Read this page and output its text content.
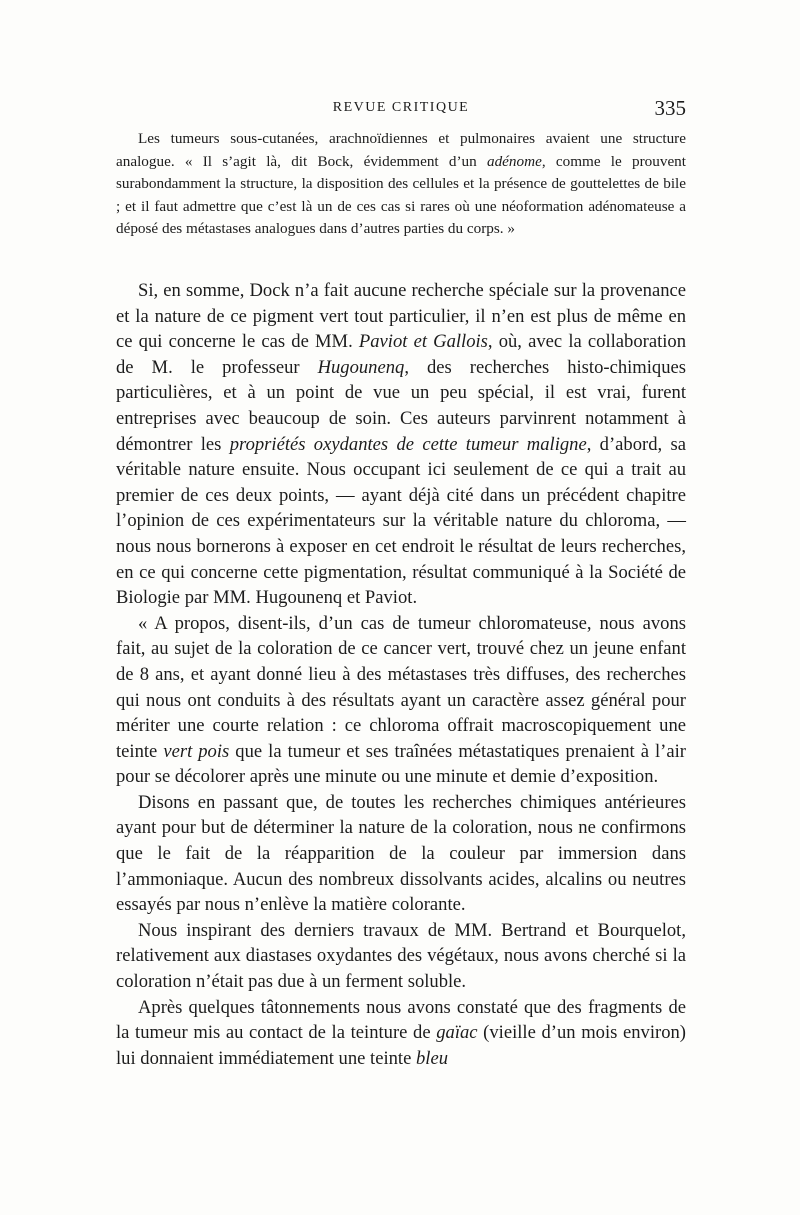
REVUE CRITIQUE	335

Les tumeurs sous-cutanées, arachnoïdiennes et pulmonaires avaient une structure analogue. « Il s’agit là, dit Bock, évidemment d’un adénome, comme le prouvent surabondamment la structure, la disposition des cellules et la présence de gouttelettes de bile ; et il faut admettre que c’est là un de ces cas si rares où une néoformation adénomateuse a déposé des métastases analogues dans d’autres parties du corps. »

Si, en somme, Dock n’a fait aucune recherche spéciale sur la provenance et la nature de ce pigment vert tout particulier, il n’en est plus de même en ce qui concerne le cas de MM. Paviot et Gallois, où, avec la collaboration de M. le professeur Hugounenq, des recherches histo-chimiques particulières, et à un point de vue un peu spécial, il est vrai, furent entreprises avec beaucoup de soin. Ces auteurs parvinrent notamment à démontrer les propriétés oxydantes de cette tumeur maligne, d’abord, sa véritable nature ensuite. Nous occupant ici seulement de ce qui a trait au premier de ces deux points, — ayant déjà cité dans un précédent chapitre l’opinion de ces expérimentateurs sur la véritable nature du chloroma, — nous nous bornerons à exposer en cet endroit le résultat de leurs recherches, en ce qui concerne cette pigmentation, résultat communiqué à la Société de Biologie par MM. Hugounenq et Paviot.

« A propos, disent-ils, d’un cas de tumeur chloromateuse, nous avons fait, au sujet de la coloration de ce cancer vert, trouvé chez un jeune enfant de 8 ans, et ayant donné lieu à des métastases très diffuses, des recherches qui nous ont conduits à des résultats ayant un caractère assez général pour mériter une courte relation : ce chloroma offrait macroscopiquement une teinte vert pois que la tumeur et ses traînées métastatiques prenaient à l’air pour se décolorer après une minute ou une minute et demie d’exposition.

Disons en passant que, de toutes les recherches chimiques antérieures ayant pour but de déterminer la nature de la coloration, nous ne confirmons que le fait de la réapparition de la couleur par immersion dans l’ammoniaque. Aucun des nombreux dissolvants acides, alcalins ou neutres essayés par nous n’enlève la matière colorante.

Nous inspirant des derniers travaux de MM. Bertrand et Bourquelot, relativement aux diastases oxydantes des végétaux, nous avons cherché si la coloration n’était pas due à un ferment soluble.

Après quelques tâtonnements nous avons constaté que des fragments de la tumeur mis au contact de la teinture de gaïac (vieille d’un mois environ) lui donnaient immédiatement une teinte bleu
